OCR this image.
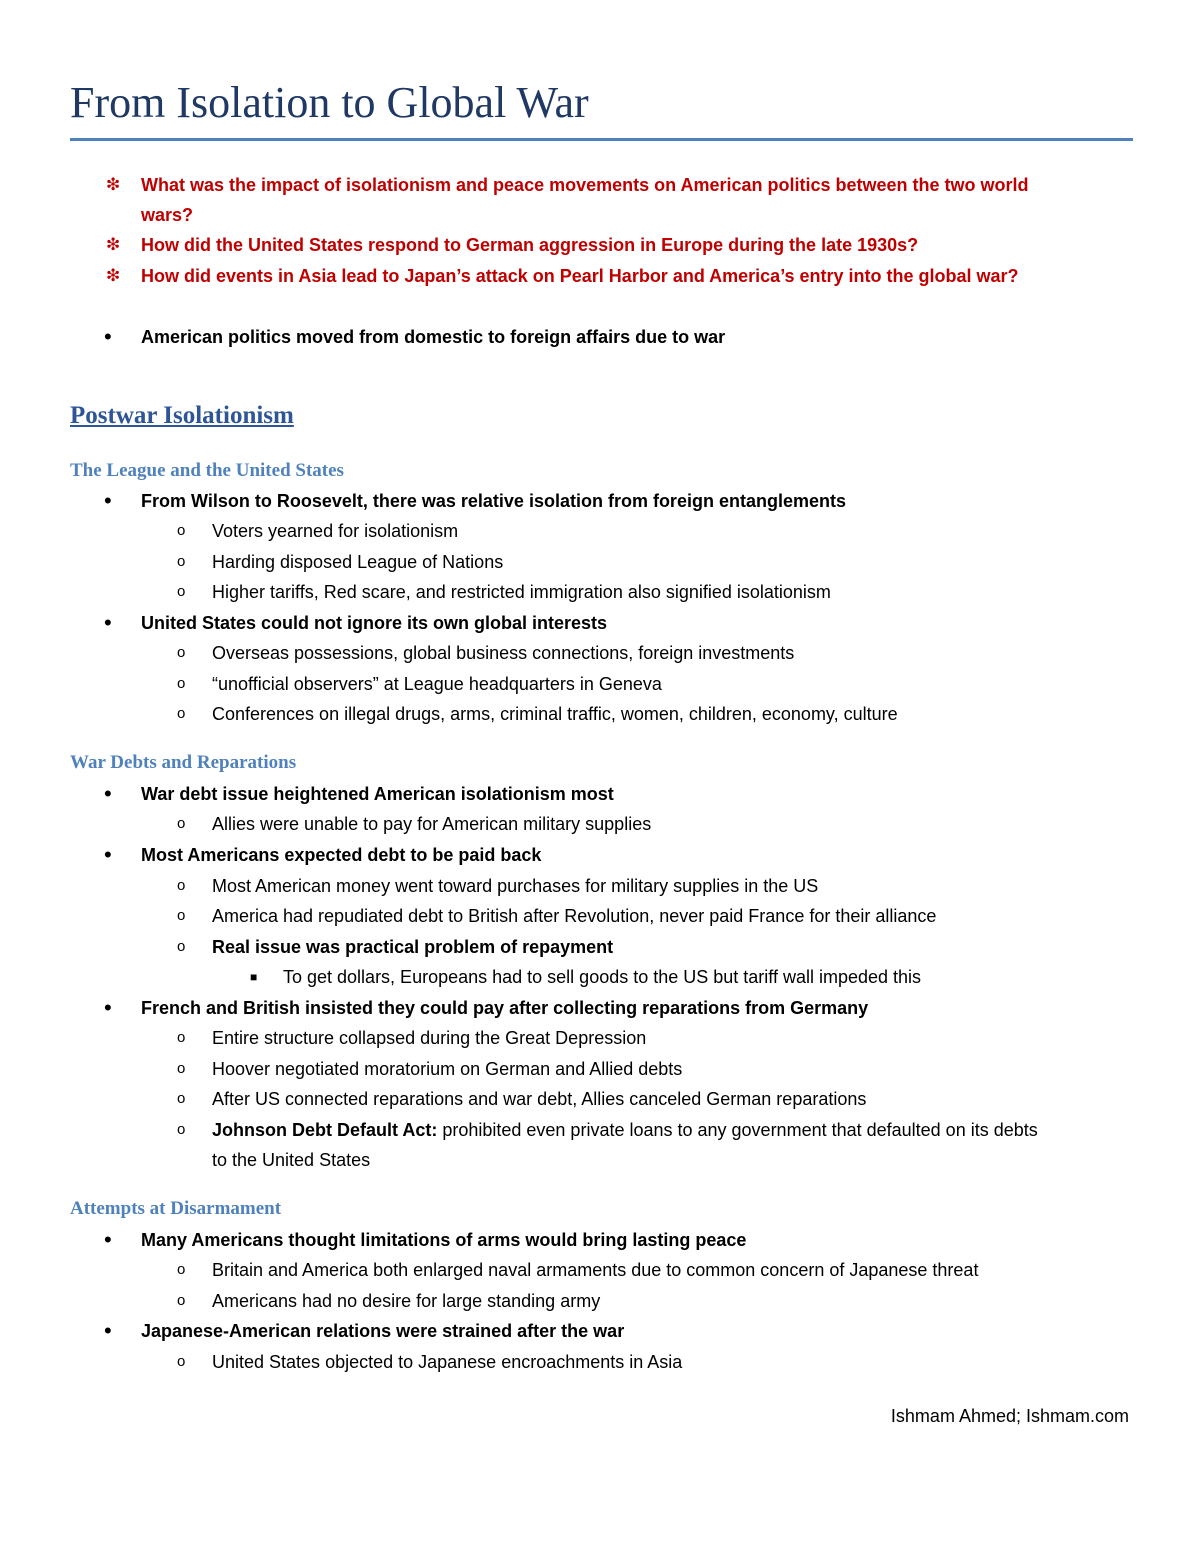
From Isolation to Global War
❇ What was the impact of isolationism and peace movements on American politics between the two world
wars?
❇ How did the United States respond to German aggression in Europe during the late 1930s?
❇ How did events in Asia lead to Japan’s attack on Pearl Harbor and America’s entry into the global war?
• American politics moved from domestic to foreign affairs due to war
Postwar Isolationism
The League and the United States
• From Wilson to Roosevelt, there was relative isolation from foreign entanglements
o Voters yearned for isolationism
o Harding disposed League of Nations
o Higher tariffs, Red scare, and restricted immigration also signified isolationism
• United States could not ignore its own global interests
o Overseas possessions, global business connections, foreign investments
o “unofficial observers” at League headquarters in Geneva
o Conferences on illegal drugs, arms, criminal traffic, women, children, economy, culture
War Debts and Reparations
• War debt issue heightened American isolationism most
o Allies were unable to pay for American military supplies
• Most Americans expected debt to be paid back
o Most American money went toward purchases for military supplies in the US
o America had repudiated debt to British after Revolution, never paid France for their alliance
o Real issue was practical problem of repayment
■ To get dollars, Europeans had to sell goods to the US but tariff wall impeded this
• French and British insisted they could pay after collecting reparations from Germany
o Entire structure collapsed during the Great Depression
o Hoover negotiated moratorium on German and Allied debts
o After US connected reparations and war debt, Allies canceled German reparations
o Johnson Debt Default Act: prohibited even private loans to any government that defaulted on its debts
to the United States
Attempts at Disarmament
• Many Americans thought limitations of arms would bring lasting peace
o Britain and America both enlarged naval armaments due to common concern of Japanese threat
o Americans had no desire for large standing army
• Japanese-American relations were strained after the war
o United States objected to Japanese encroachments in Asia
Ishmam Ahmed; Ishmam.com
